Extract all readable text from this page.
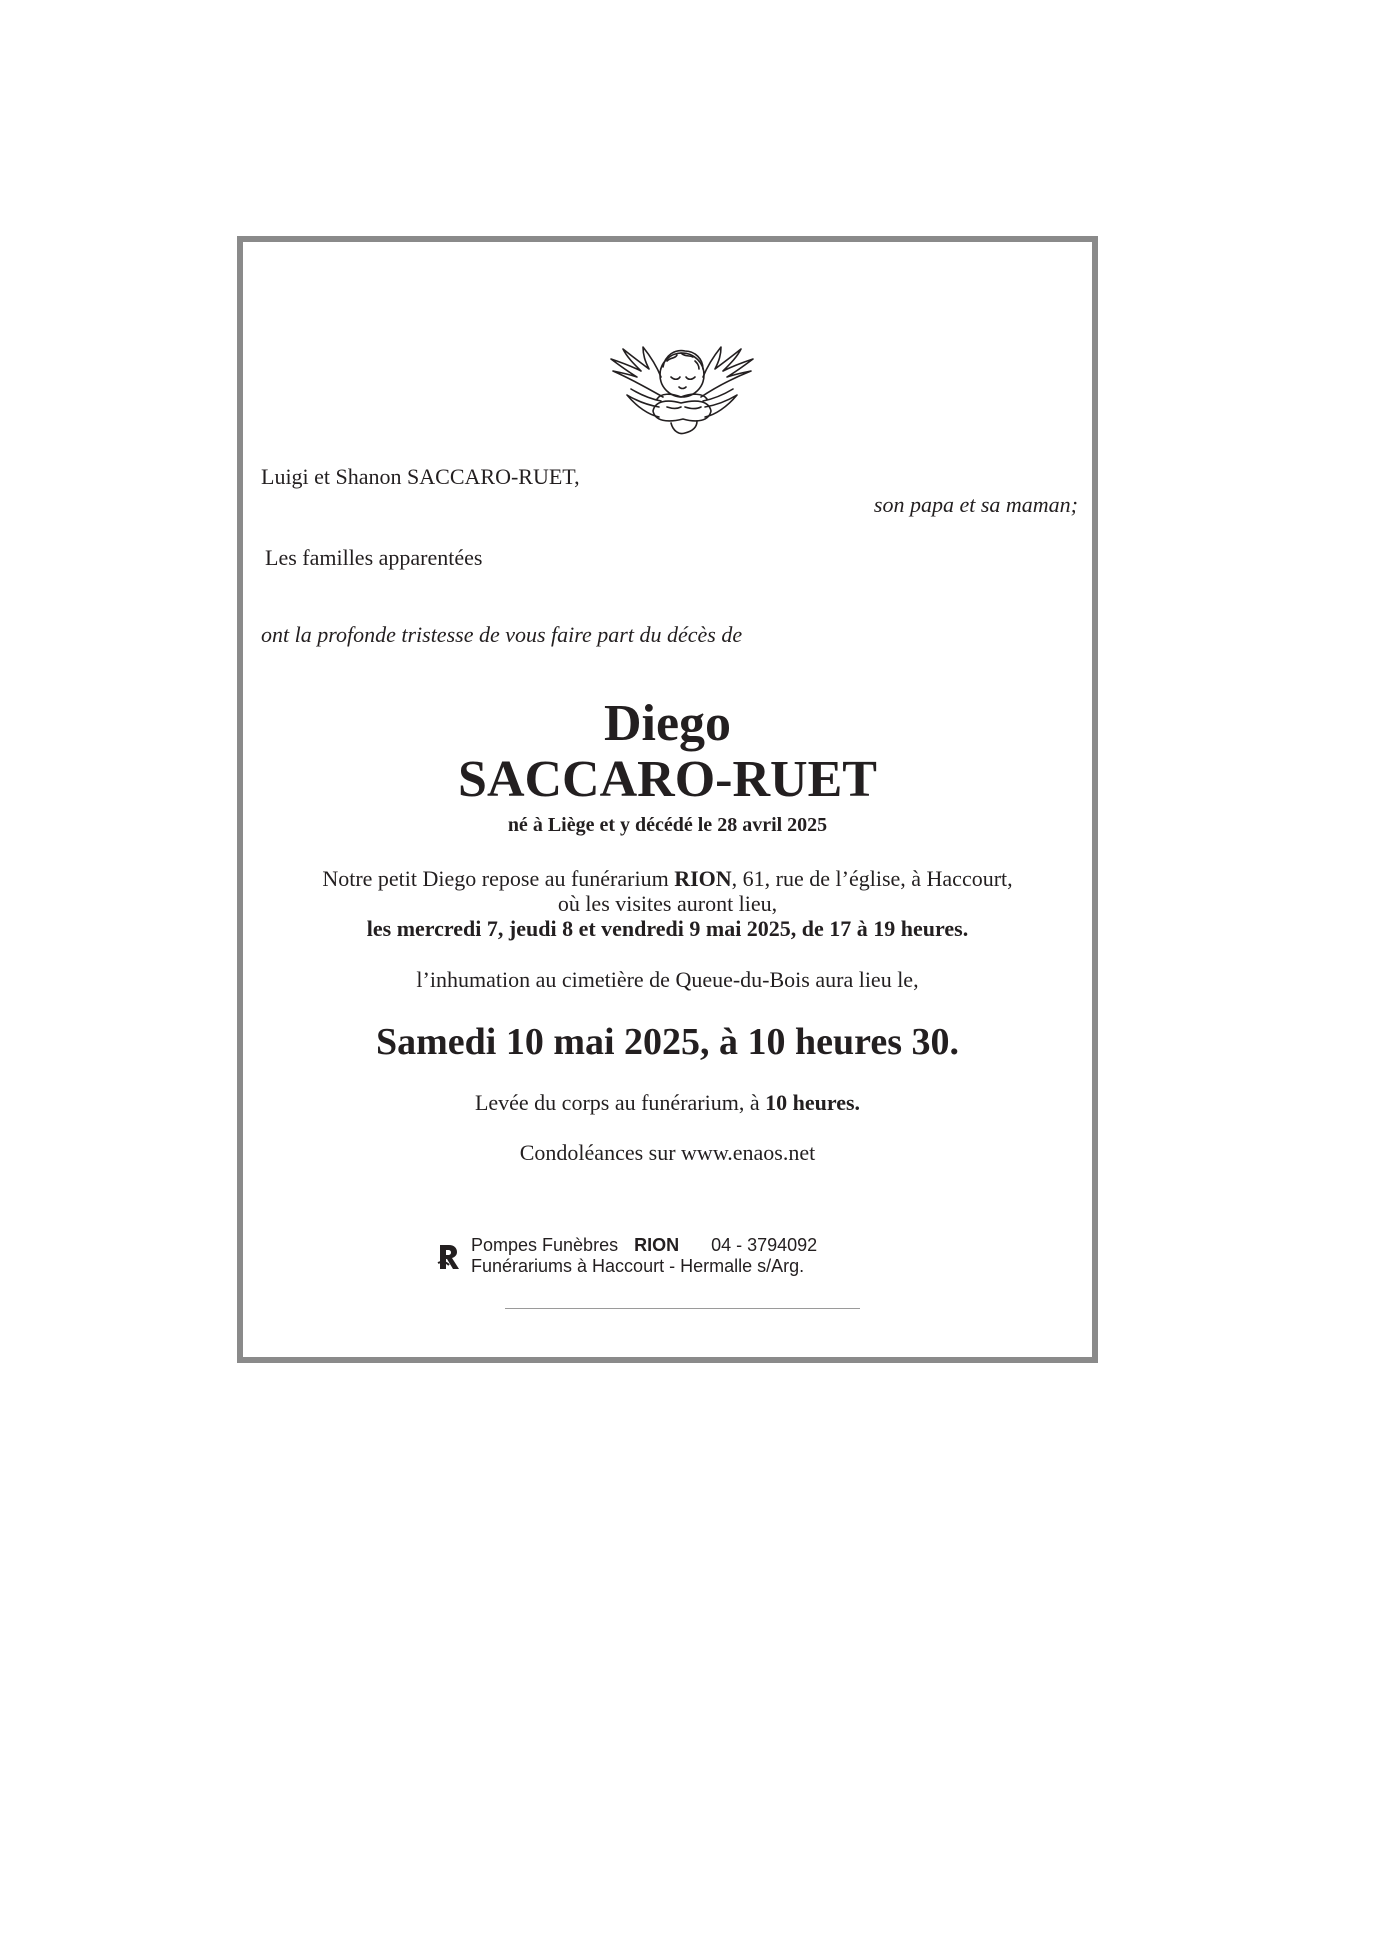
Luigi et Shanon SACCARO-RUET,
son papa et sa maman;
Les familles apparentées
ont la profonde tristesse de vous faire part du décès de
Diego
SACCARO-RUET
né à Liège et y décédé le 28 avril 2025
Notre petit Diego repose au funérarium RION, 61, rue de l’église, à Haccourt,
où les visites auront lieu,
les mercredi 7, jeudi 8 et vendredi 9 mai 2025, de 17 à 19 heures.
l’inhumation au cimetière de Queue-du-Bois aura lieu le,
Samedi 10 mai 2025, à 10 heures 30.
Levée du corps au funérarium, à 10 heures.
Condoléances sur www.enaos.net
Pompes Funèbres RION 04 - 3794092
Funérariums à Haccourt - Hermalle s/Arg.
